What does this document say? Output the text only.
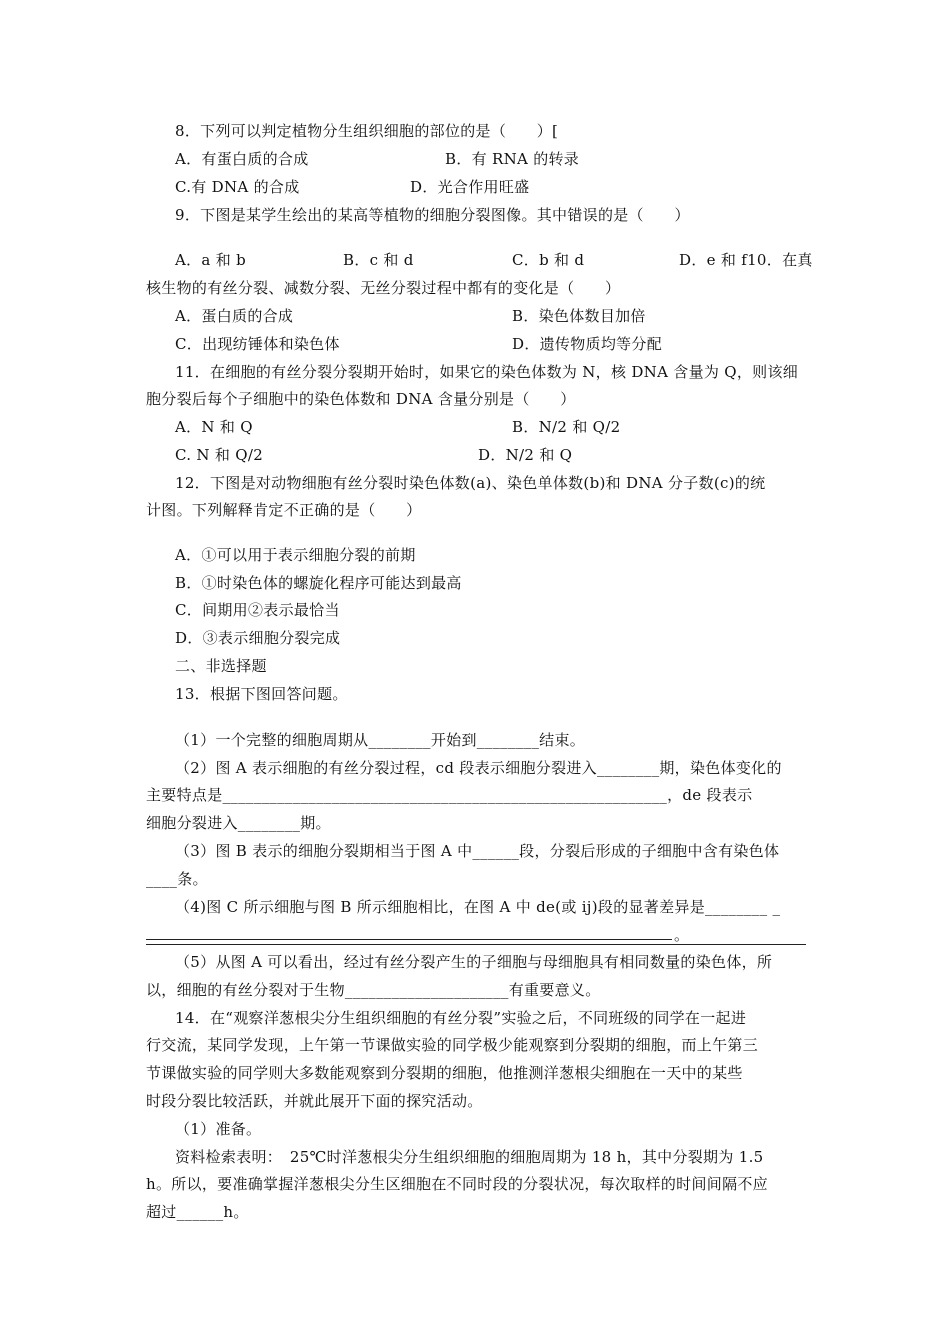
8．下列可以判定植物分生组织细胞的部位的是（　　）[
A．有蛋白质的合成	B．有 RNA 的转录
C.有 DNA 的合成	D．光合作用旺盛
9．下图是某学生绘出的某高等植物的细胞分裂图像。其中错误的是（　　）
A．a 和 b	B．c 和 d	C．b 和 d	D．e 和 f10．在真
核生物的有丝分裂、减数分裂、无丝分裂过程中都有的变化是（　　）
A．蛋白质的合成	B．染色体数目加倍
C．出现纺锤体和染色体	D．遗传物质均等分配
11．在细胞的有丝分裂分裂期开始时，如果它的染色体数为 N，核 DNA 含量为 Q，则该细
胞分裂后每个子细胞中的染色体数和 DNA 含量分别是（　　）
A．N 和 Q	B．N/2 和 Q/2
C. N 和 Q/2	D．N/2 和 Q
12．下图是对动物细胞有丝分裂时染色体数(a)、染色单体数(b)和 DNA 分子数(c)的统
计图。下列解释肯定不正确的是（　　）
A．①可以用于表示细胞分裂的前期
B．①时染色体的螺旋化程序可能达到最高
C．间期用②表示最恰当
D．③表示细胞分裂完成
二、非选择题
13．根据下图回答问题。
（1）一个完整的细胞周期从________开始到________结束。
（2）图 A 表示细胞的有丝分裂过程，cd 段表示细胞分裂进入________期，染色体变化的
主要特点是_________________________________________________________，de 段表示
细胞分裂进入________期。
（3）图 B 表示的细胞分裂期相当于图 A 中______段，分裂后形成的子细胞中含有染色体
____条。
（4)图 C 所示细胞与图 B 所示细胞相比，在图 A 中 de(或 ij)段的显著差异是________ _
。
（5）从图 A 可以看出，经过有丝分裂产生的子细胞与母细胞具有相同数量的染色体，所
以，细胞的有丝分裂对于生物_____________________有重要意义。
14．在“观察洋葱根尖分生组织细胞的有丝分裂”实验之后，不同班级的同学在一起进
行交流，某同学发现，上午第一节课做实验的同学极少能观察到分裂期的细胞，而上午第三
节课做实验的同学则大多数能观察到分裂期的细胞，他推测洋葱根尖细胞在一天中的某些
时段分裂比较活跃，并就此展开下面的探究活动。
（1）准备。
资料检索表明：　25℃时洋葱根尖分生组织细胞的细胞周期为 18 h，其中分裂期为 1.5
h。所以，要准确掌握洋葱根尖分生区细胞在不同时段的分裂状况，每次取样的时间间隔不应
超过______h。
